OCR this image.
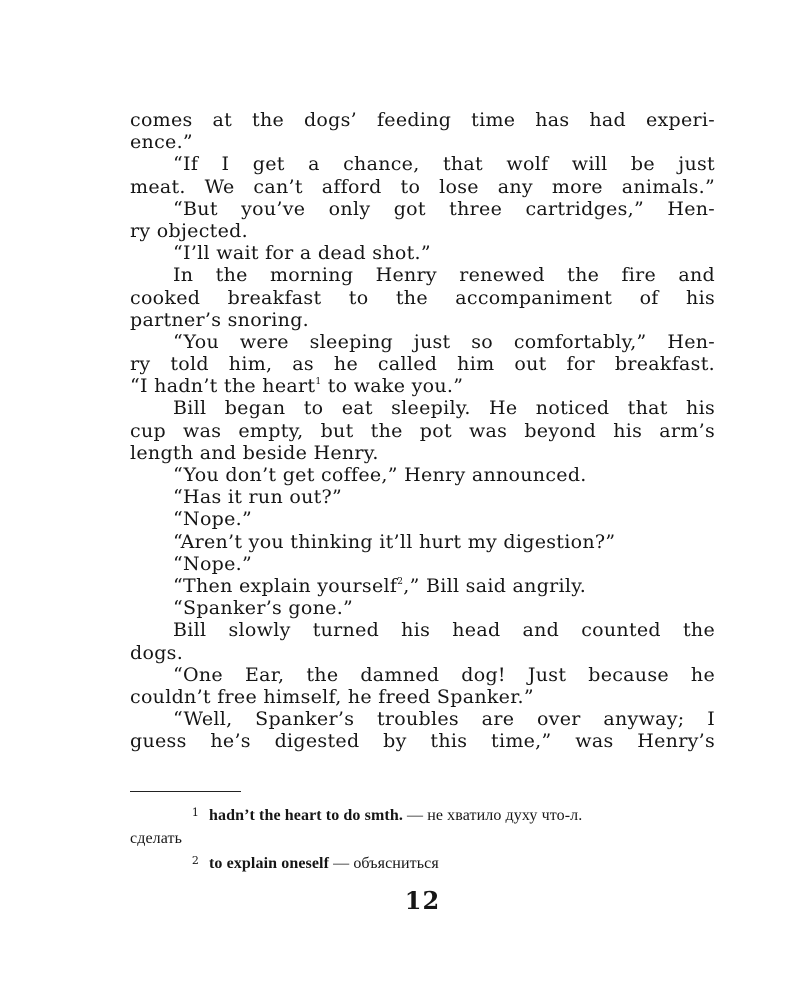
comes at the dogs’ feeding time has had experi-
ence.”
“If I get a chance, that wolf will be just
meat. We can’t afford to lose any more animals.”
“But you’ve only got three cartridges,” Hen-
ry objected.
“I’ll wait for a dead shot.”
In the morning Henry renewed the fire and
cooked breakfast to the accompaniment of his
partner’s snoring.
“You were sleeping just so comfortably,” Hen-
ry told him, as he called him out for breakfast.
“I hadn’t the heart$^1$ to wake you.”
Bill began to eat sleepily. He noticed that his
cup was empty, but the pot was beyond his arm’s
length and beside Henry.
“You don’t get coffee,” Henry announced.
“Has it run out?”
“Nope.”
“Aren’t you thinking it’ll hurt my digestion?”
“Nope.”
“Then explain yourself$^2$,” Bill said angrily.
“Spanker’s gone.”
Bill slowly turned his head and counted the
dogs.
“One Ear, the damned dog! Just because he
couldn’t free himself, he freed Spanker.”
“Well, Spanker’s troubles are over anyway; I
guess he’s digested by this time,” was Henry’s
1 hadn’t the heart to do smth. — не хватило духу что-л.
сделать
2 to explain oneself — объясниться
12
